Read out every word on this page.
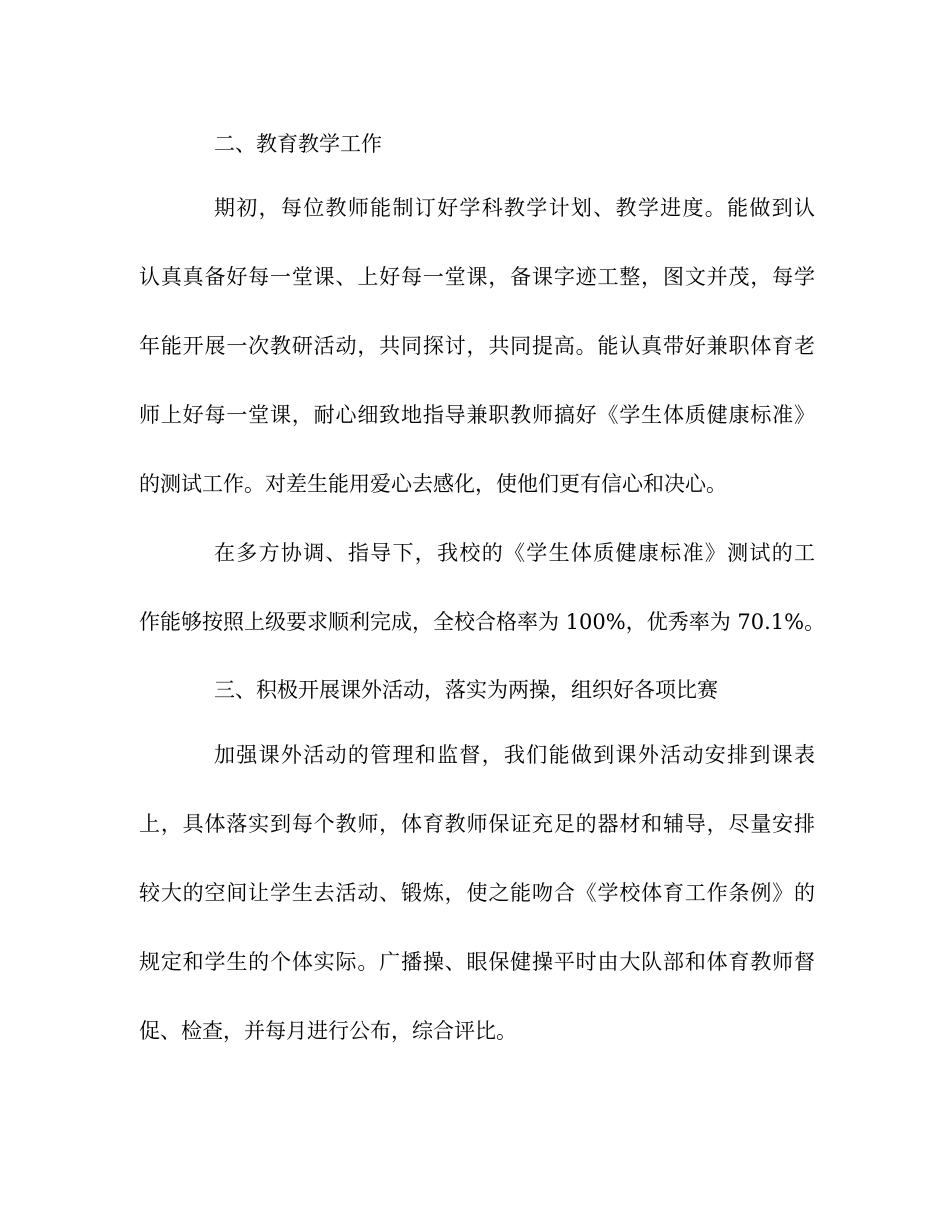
二、教育教学工作
期初，每位教师能制订好学科教学计划、教学进度。能做到认
认真真备好每一堂课、上好每一堂课，备课字迹工整，图文并茂，每学
年能开展一次教研活动，共同探讨，共同提高。能认真带好兼职体育老
师上好每一堂课，耐心细致地指导兼职教师搞好《学生体质健康标准》
的测试工作。对差生能用爱心去感化，使他们更有信心和决心。
在多方协调、指导下，我校的《学生体质健康标准》测试的工
作能够按照上级要求顺利完成，全校合格率为 100%，优秀率为 70.1%。
三、积极开展课外活动，落实为两操，组织好各项比赛
加强课外活动的管理和监督，我们能做到课外活动安排到课表
上，具体落实到每个教师，体育教师保证充足的器材和辅导，尽量安排
较大的空间让学生去活动、锻炼，使之能吻合《学校体育工作条例》的
规定和学生的个体实际。广播操、眼保健操平时由大队部和体育教师督
促、检查，并每月进行公布，综合评比。
